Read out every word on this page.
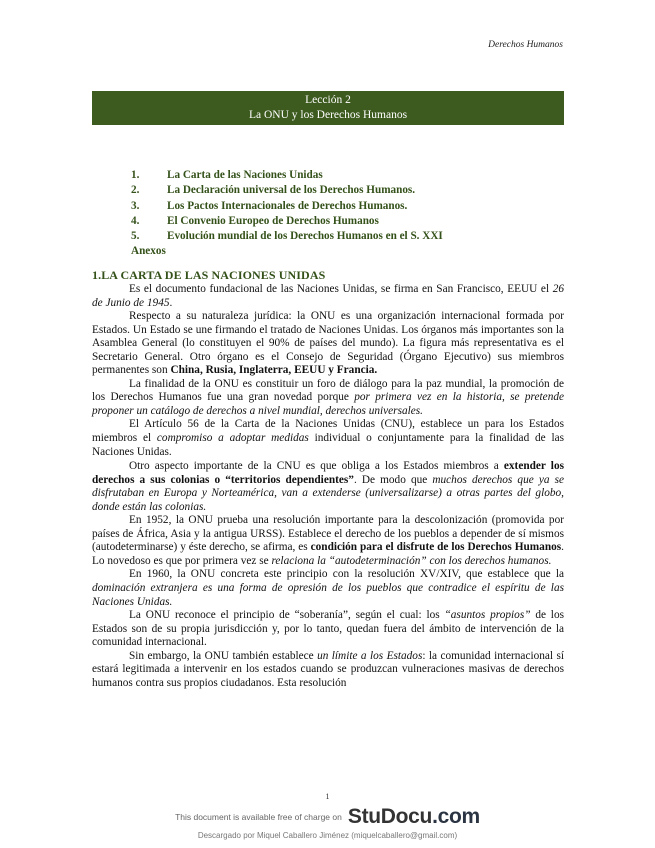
Derechos Humanos
Lección 2
La ONU y los Derechos Humanos
1.	La Carta de las Naciones Unidas
2.	La Declaración universal de los Derechos Humanos.
3.	Los Pactos Internacionales de Derechos Humanos.
4.	El Convenio Europeo de Derechos Humanos
5.	Evolución mundial de los Derechos Humanos en el S. XXI
Anexos
1.LA CARTA DE LAS NACIONES UNIDAS

Es el documento fundacional de las Naciones Unidas, se firma en San Francisco, EEUU el 26 de Junio de 1945.

Respecto a su naturaleza jurídica: la ONU es una organización internacional formada por Estados. Un Estado se une firmando el tratado de Naciones Unidas. Los órganos más importantes son la Asamblea General (lo constituyen el 90% de países del mundo). La figura más representativa es el Secretario General. Otro órgano es el Consejo de Seguridad (Órgano Ejecutivo) sus miembros permanentes son China, Rusia, Inglaterra, EEUU y Francia.

La finalidad de la ONU es constituir un foro de diálogo para la paz mundial, la promoción de los Derechos Humanos fue una gran novedad porque por primera vez en la historia, se pretende proponer un catálogo de derechos a nivel mundial, derechos universales.

El Artículo 56 de la Carta de la Naciones Unidas (CNU), establece un para los Estados miembros el compromiso a adoptar medidas individual o conjuntamente para la finalidad de las Naciones Unidas.

Otro aspecto importante de la CNU es que obliga a los Estados miembros a extender los derechos a sus colonias o “territorios dependientes”. De modo que muchos derechos que ya se disfrutaban en Europa y Norteamérica, van a extenderse (universalizarse) a otras partes del globo, donde están las colonias.

En 1952, la ONU prueba una resolución importante para la descolonización (promovida por países de África, Asia y la antigua URSS). Establece el derecho de los pueblos a depender de sí mismos (autodeterminarse) y éste derecho, se afirma, es condición para el disfrute de los Derechos Humanos. Lo novedoso es que por primera vez se relaciona la “autodeterminación” con los derechos humanos.

En 1960, la ONU concreta este principio con la resolución XV/XIV, que establece que la dominación extranjera es una forma de opresión de los pueblos que contradice el espíritu de las Naciones Unidas.

La ONU reconoce el principio de “soberanía”, según el cual: los “asuntos propios” de los Estados son de su propia jurisdicción y, por lo tanto, quedan fuera del ámbito de intervención de la comunidad internacional.

Sin embargo, la ONU también establece un límite a los Estados: la comunidad internacional sí estará legitimada a intervenir en los estados cuando se produzcan vulneraciones masivas de derechos humanos contra sus propios ciudadanos. Esta resolución

1
This document is available free of charge on StuDocu.com
Descargado por Miquel Caballero Jiménez (miquelcaballero@gmail.com)
